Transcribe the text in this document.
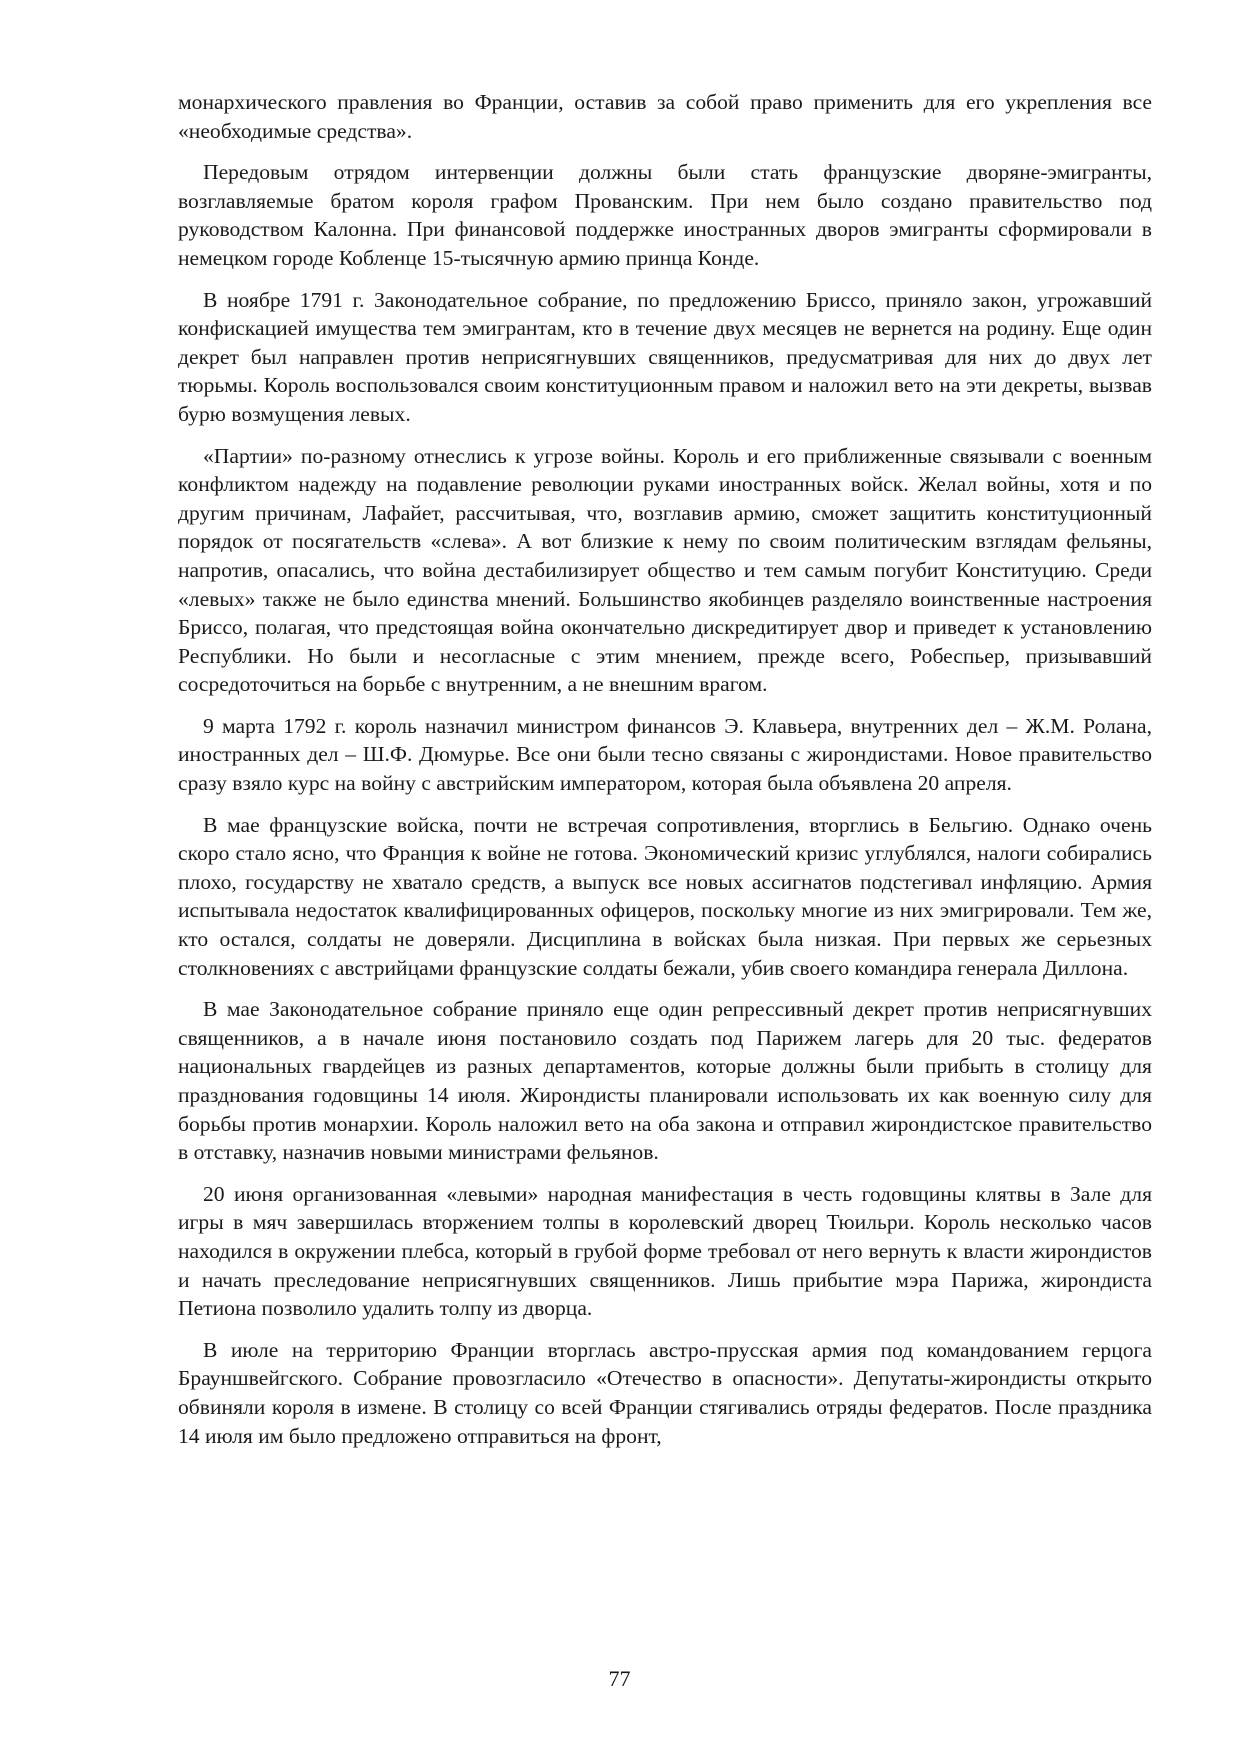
монархического правления во Франции, оставив за собой право применить для его укрепления все «необходимые средства».

Передовым отрядом интервенции должны были стать французские дворяне-эмигранты, возглавляемые братом короля графом Прованским. При нем было создано правительство под руководством Калонна. При финансовой поддержке иностранных дворов эмигранты сформировали в немецком городе Кобленце 15-тысячную армию принца Конде.

В ноябре 1791 г. Законодательное собрание, по предложению Бриссо, приняло закон, угрожавший конфискацией имущества тем эмигрантам, кто в течение двух месяцев не вернется на родину. Еще один декрет был направлен против неприсягнувших священников, предусматривая для них до двух лет тюрьмы. Король воспользовался своим конституционным правом и наложил вето на эти декреты, вызвав бурю возмущения левых.

«Партии» по-разному отнеслись к угрозе войны. Король и его приближенные связывали с военным конфликтом надежду на подавление революции руками иностранных войск. Желал войны, хотя и по другим причинам, Лафайет, рассчитывая, что, возглавив армию, сможет защитить конституционный порядок от посягательств «слева». А вот близкие к нему по своим политическим взглядам фельяны, напротив, опасались, что война дестабилизирует общество и тем самым погубит Конституцию. Среди «левых» также не было единства мнений. Большинство якобинцев разделяло воинственные настроения Бриссо, полагая, что предстоящая война окончательно дискредитирует двор и приведет к установлению Республики. Но были и несогласные с этим мнением, прежде всего, Робеспьер, призывавший сосредоточиться на борьбе с внутренним, а не внешним врагом.

9 марта 1792 г. король назначил министром финансов Э. Клавьера, внутренних дел – Ж.М. Ролана, иностранных дел – Ш.Ф. Дюмурье. Все они были тесно связаны с жирондистами. Новое правительство сразу взяло курс на войну с австрийским императором, которая была объявлена 20 апреля.

В мае французские войска, почти не встречая сопротивления, вторглись в Бельгию. Однако очень скоро стало ясно, что Франция к войне не готова. Экономический кризис углублялся, налоги собирались плохо, государству не хватало средств, а выпуск все новых ассигнатов подстегивал инфляцию. Армия испытывала недостаток квалифицированных офицеров, поскольку многие из них эмигрировали. Тем же, кто остался, солдаты не доверяли. Дисциплина в войсках была низкая. При первых же серьезных столкновениях с австрийцами французские солдаты бежали, убив своего командира генерала Диллона.

В мае Законодательное собрание приняло еще один репрессивный декрет против неприсягнувших священников, а в начале июня постановило создать под Парижем лагерь для 20 тыс. федератов национальных гвардейцев из разных департаментов, которые должны были прибыть в столицу для празднования годовщины 14 июля. Жирондисты планировали использовать их как военную силу для борьбы против монархии. Король наложил вето на оба закона и отправил жирондистское правительство в отставку, назначив новыми министрами фельянов.

20 июня организованная «левыми» народная манифестация в честь годовщины клятвы в Зале для игры в мяч завершилась вторжением толпы в королевский дворец Тюильри. Король несколько часов находился в окружении плебса, который в грубой форме требовал от него вернуть к власти жирондистов и начать преследование неприсягнувших священников. Лишь прибытие мэра Парижа, жирондиста Петиона позволило удалить толпу из дворца.

В июле на территорию Франции вторглась австро-прусская армия под командованием герцога Брауншвейгского. Собрание провозгласило «Отечество в опасности». Депутаты-жирондисты открыто обвиняли короля в измене. В столицу со всей Франции стягивались отряды федератов. После праздника 14 июля им было предложено отправиться на фронт,

77
